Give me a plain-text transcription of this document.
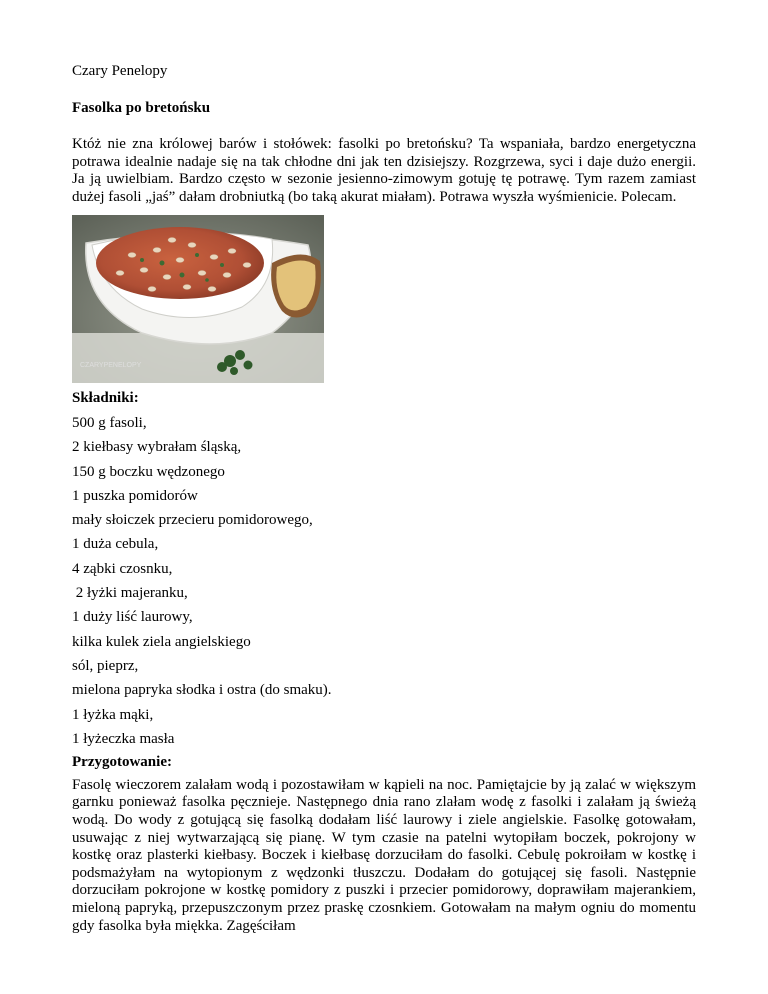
Czary Penelopy

Fasolka po bretońsku

Któż nie zna królowej barów i stołówek: fasolki po bretońsku? Ta wspaniała, bardzo energetyczna potrawa idealnie nadaje się na tak chłodne dni jak ten dzisiejszy. Rozgrzewa, syci i daje dużo energii. Ja ją uwielbiam. Bardzo często w sezonie jesienno-zimowym gotuję tę potrawę. Tym razem zamiast dużej fasoli „jaś” dałam drobniutką (bo taką akurat miałam). Potrawa wyszła wyśmienicie. Polecam.

CZARYPENELOPY

Składniki:

500 g fasoli,
2 kiełbasy wybrałam śląską,
150 g boczku wędzonego
1 puszka pomidorów
mały słoiczek przecieru pomidorowego,
1 duża cebula,
4 ząbki czosnku,
2 łyżki majeranku,
1 duży liść laurowy,
kilka kulek ziela angielskiego
sól, pieprz,
mielona papryka słodka i ostra (do smaku).
1 łyżka mąki,
1 łyżeczka masła

Przygotowanie:

Fasolę wieczorem zalałam wodą i pozostawiłam w kąpieli na noc. Pamiętajcie by ją zalać w większym garnku ponieważ fasolka pęcznieje. Następnego dnia rano zlałam wodę z fasolki i zalałam ją świeżą wodą. Do wody z gotującą się fasolką dodałam liść laurowy i ziele angielskie. Fasolkę gotowałam, usuwając z niej wytwarzającą się pianę. W tym czasie na patelni wytopiłam boczek, pokrojony w kostkę oraz plasterki kiełbasy. Boczek i kiełbasę dorzuciłam do fasolki. Cebulę pokroiłam w kostkę i podsmażyłam na wytopionym z wędzonki tłuszczu. Dodałam do gotującej się fasoli. Następnie dorzuciłam pokrojone w kostkę pomidory z puszki i przecier pomidorowy, doprawiłam majerankiem, mieloną papryką, przepuszczonym przez praskę czosnkiem. Gotowałam na małym ogniu do momentu gdy fasolka była miękka. Zagęściłam
